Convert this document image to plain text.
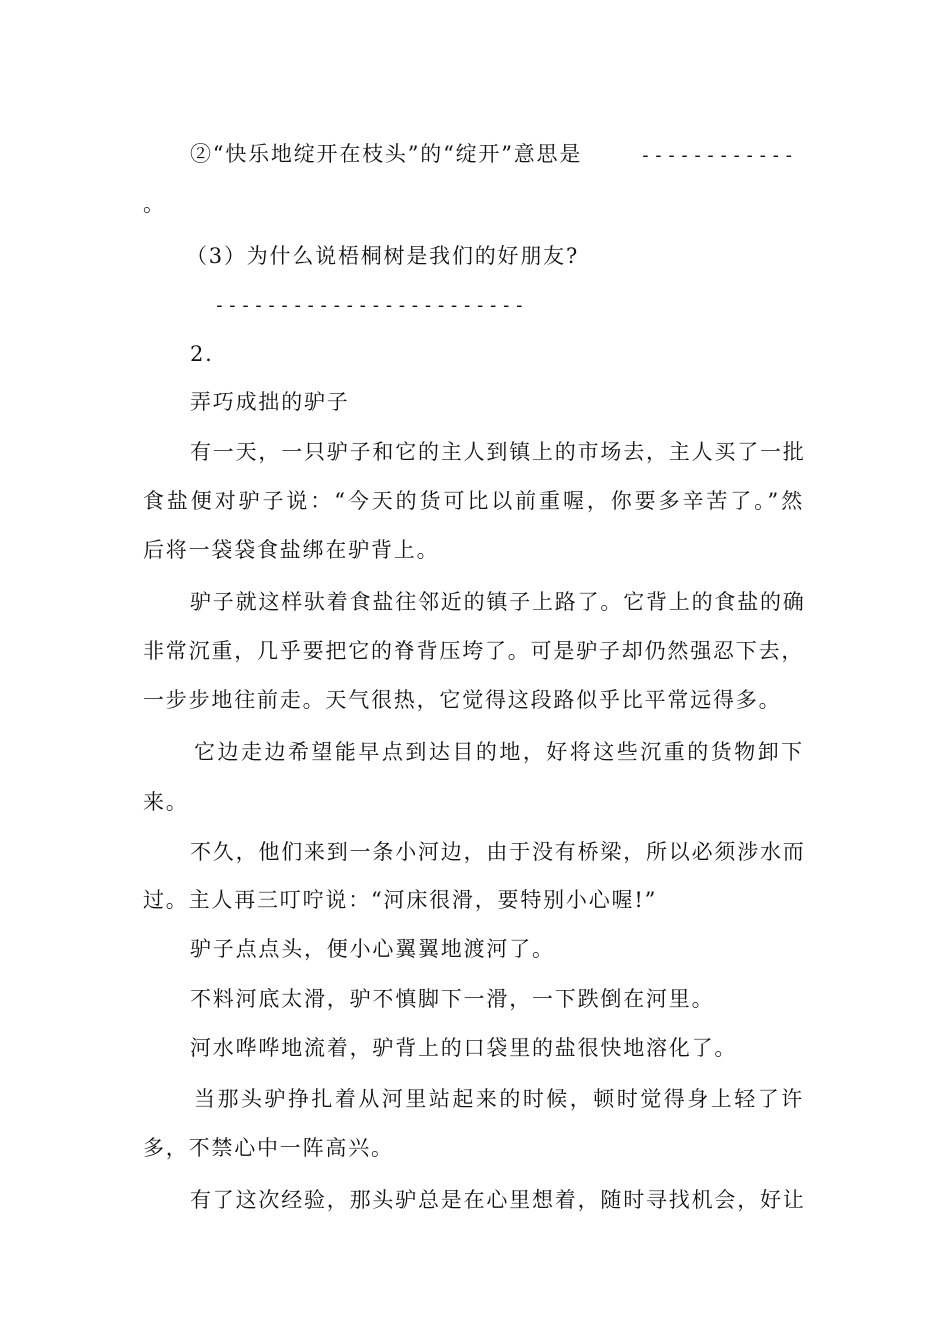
②“快乐地绽开在枝头”的“绽开”意思是	------------

。

（3）为什么说梧桐树是我们的好朋友?

------------------------

2.

弄巧成拙的驴子

有一天，一只驴子和它的主人到镇上的市场去，主人买了一批

食盐便对驴子说：“今天的货可比以前重喔，你要多辛苦了。”然

后将一袋袋食盐绑在驴背上。

驴子就这样驮着食盐往邻近的镇子上路了。它背上的食盐的确

非常沉重，几乎要把它的脊背压垮了。可是驴子却仍然强忍下去，

一步步地往前走。天气很热，它觉得这段路似乎比平常远得多。

它边走边希望能早点到达目的地，好将这些沉重的货物卸下

来。

不久，他们来到一条小河边，由于没有桥梁，所以必须涉水而

过。主人再三叮咛说：“河床很滑，要特别小心喔!”

驴子点点头，便小心翼翼地渡河了。

不料河底太滑，驴不慎脚下一滑，一下跌倒在河里。

河水哗哗地流着，驴背上的口袋里的盐很快地溶化了。

当那头驴挣扎着从河里站起来的时候，顿时觉得身上轻了许

多，不禁心中一阵高兴。

有了这次经验，那头驴总是在心里想着，随时寻找机会，好让
